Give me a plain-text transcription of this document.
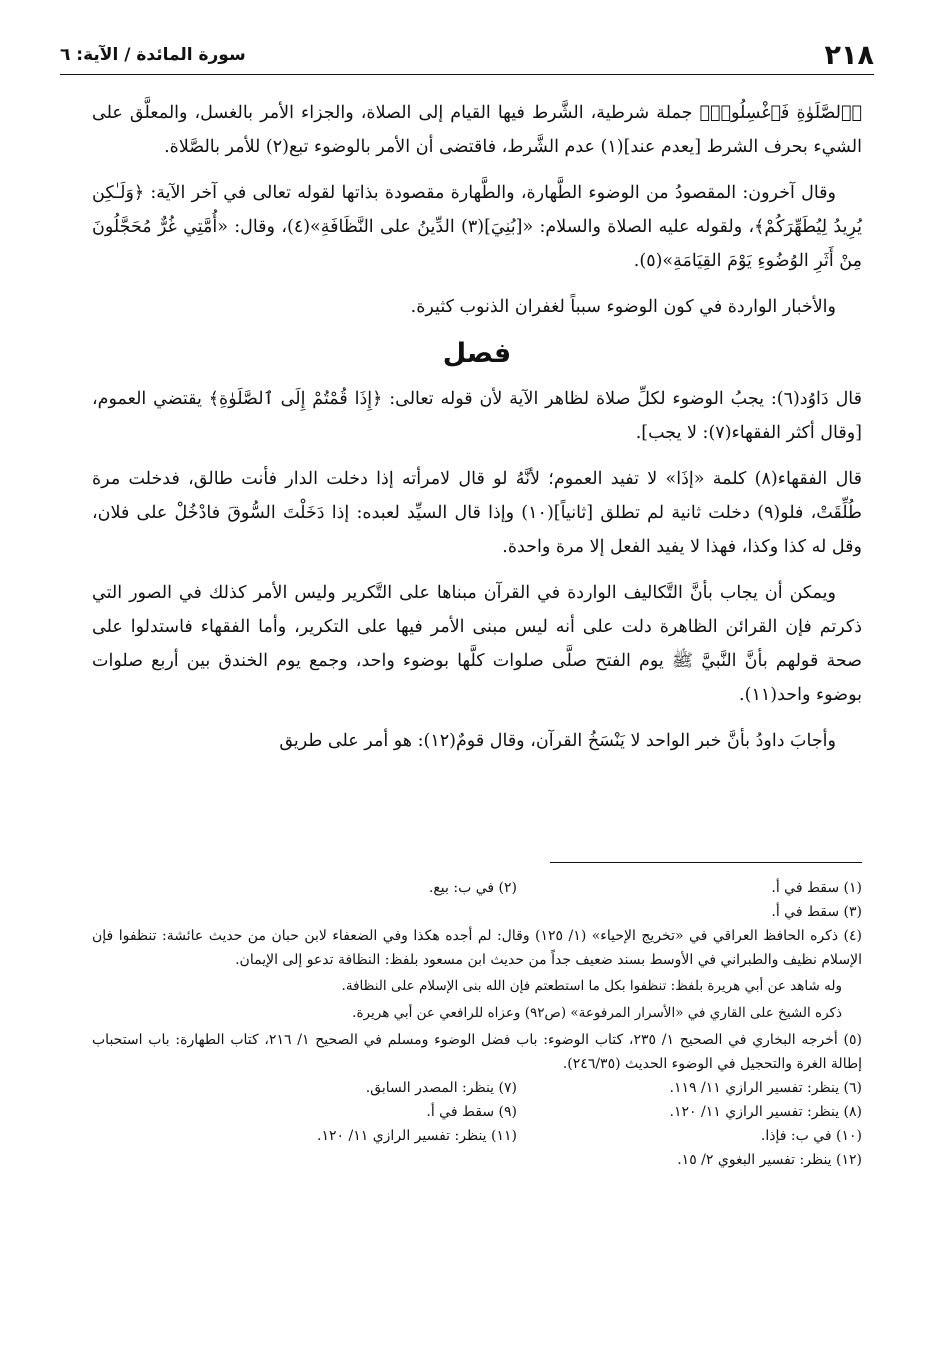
٢١٨
سورة المائدة / الآية: ٦

﴿ٱلصَّلَوٰةِ فَٱغْسِلُوا۟﴾ جملة شرطية، الشَّرط فيها القيام إلى الصلاة، والجزاء الأمر بالغسل، والمعلَّق على الشيء بحرف الشرط [يعدم عند](١) عدم الشَّرط، فاقتضى أن الأمر بالوضوء تبع(٢) للأمر بالصَّلاة.

وقال آخرون: المقصودُ من الوضوء الطَّهارة، والطَّهارة مقصودة بذاتها لقوله تعالى في آخر الآية: ﴿وَلَـٰكِن يُرِيدُ لِيُطَهِّرَكُمْ﴾، ولقوله عليه الصلاة والسلام: «[بُنِيَ](٣) الدِّينُ على النَّظَافَةِ»(٤)، وقال: «أُمَّتِي غُرٌّ مُحَجَّلُونَ مِنْ أَثَرِ الوُضُوءِ يَوْمَ القِيَامَةِ»(٥).

والأخبار الواردة في كون الوضوء سبباً لغفران الذنوب كثيرة.

فصل

قال دَاوُد(٦): يجبُ الوضوء لكلِّ صلاة لظاهر الآية لأن قوله تعالى: ﴿إِذَا قُمْتُمْ إِلَى ٱلصَّلَوٰةِ﴾ يقتضي العموم، [وقال أكثر الفقهاء(٧): لا يجب].

قال الفقهاء(٨) كلمة «إذَا» لا تفيد العموم؛ لأنَّهُ لو قال لامرأته إذا دخلت الدار فأنت طالق، فدخلت مرة طُلِّقَتْ، فلو(٩) دخلت ثانية لم تطلق [ثانياً](١٠) وإذا قال السيِّد لعبده: إذا دَخَلْتَ السُّوقَ فادْخُلْ على فلان، وقل له كذا وكذا، فهذا لا يفيد الفعل إلا مرة واحدة.

ويمكن أن يجاب بأنَّ التَّكاليف الواردة في القرآن مبناها على التَّكرير وليس الأمر كذلك في الصور التي ذكرتم فإن القرائن الظاهرة دلت على أنه ليس مبنى الأمر فيها على التكرير، وأما الفقهاء فاستدلوا على صحة قولهم بأنَّ النَّبيَّ ﷺ يوم الفتح صلَّى صلوات كلَّها بوضوء واحد، وجمع يوم الخندق بين أربع صلوات بوضوء واحد(١١).

وأجابَ داودُ بأنَّ خبر الواحد لا يَنْسَخُ القرآن، وقال قومٌ(١٢): هو أمر على طريق

(١) سقط في أ.
(٢) في ب: بيع.

(٣) سقط في أ.

(٤) ذكره الحافظ العراقي في «تخريج الإحياء» (١/ ١٢٥) وقال: لم أجده هكذا وفي الضعفاء لابن حبان من حديث عائشة: تنظفوا فإن الإسلام نظيف والطبراني في الأوسط بسند ضعيف جداً من حديث ابن مسعود بلفظ: النظافة تدعو إلى الإيمان.

وله شاهد عن أبي هريرة بلفظ: تنظفوا بكل ما استطعتم فإن الله بنى الإسلام على النظافة.

ذكره الشيخ على القاري في «الأسرار المرفوعة» (ص٩٢) وعزاه للرافعي عن أبي هريرة.

(٥) أخرجه البخاري في الصحيح ١/ ٢٣٥، كتاب الوضوء: باب فضل الوضوء ومسلم في الصحيح ١/ ٢١٦، كتاب الطهارة: باب استحباب إطالة الغرة والتحجيل في الوضوء الحديث (٢٤٦/٣٥).

(٦) ينظر: تفسير الرازي ١١/ ١١٩.
(٧) ينظر: المصدر السابق.
(٨) ينظر: تفسير الرازي ١١/ ١٢٠.
(٩) سقط في أ.
(١٠) في ب: فإذا.
(١١) ينظر: تفسير الرازي ١١/ ١٢٠.

(١٢) ينظر: تفسير البغوي ٢/ ١٥.
